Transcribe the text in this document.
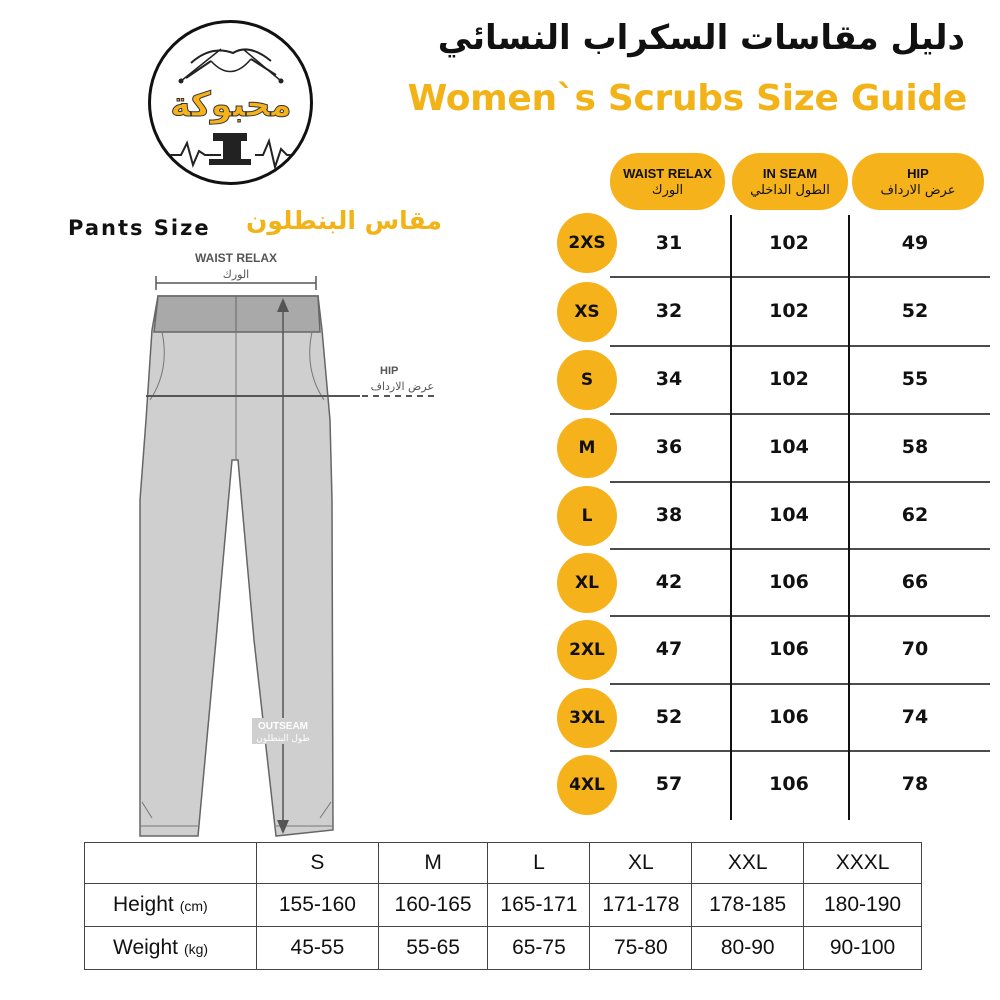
محبوكة
دليل مقاسات السكراب النسائي
Women`s Scrubs Size Guide
Pants Size مقاس البنطلون
WAIST RELAX
الورك
HIP
عرض الارداف
OUTSEAM
طول البنطلون
WAIST RELAX
الورك
IN SEAM
الطول الداخلي
HIP
عرض الارداف
2XS	31	102	49
XS	32	102	52
S	34	102	55
M	36	104	58
L	38	104	62
XL	42	106	66
2XL	47	106	70
3XL	52	106	74
4XL	57	106	78
	S	M	L	XL	XXL	XXXL
Height (cm)	155-160	160-165	165-171	171-178	178-185	180-190
Weight (kg)	45-55	55-65	65-75	75-80	80-90	90-100
